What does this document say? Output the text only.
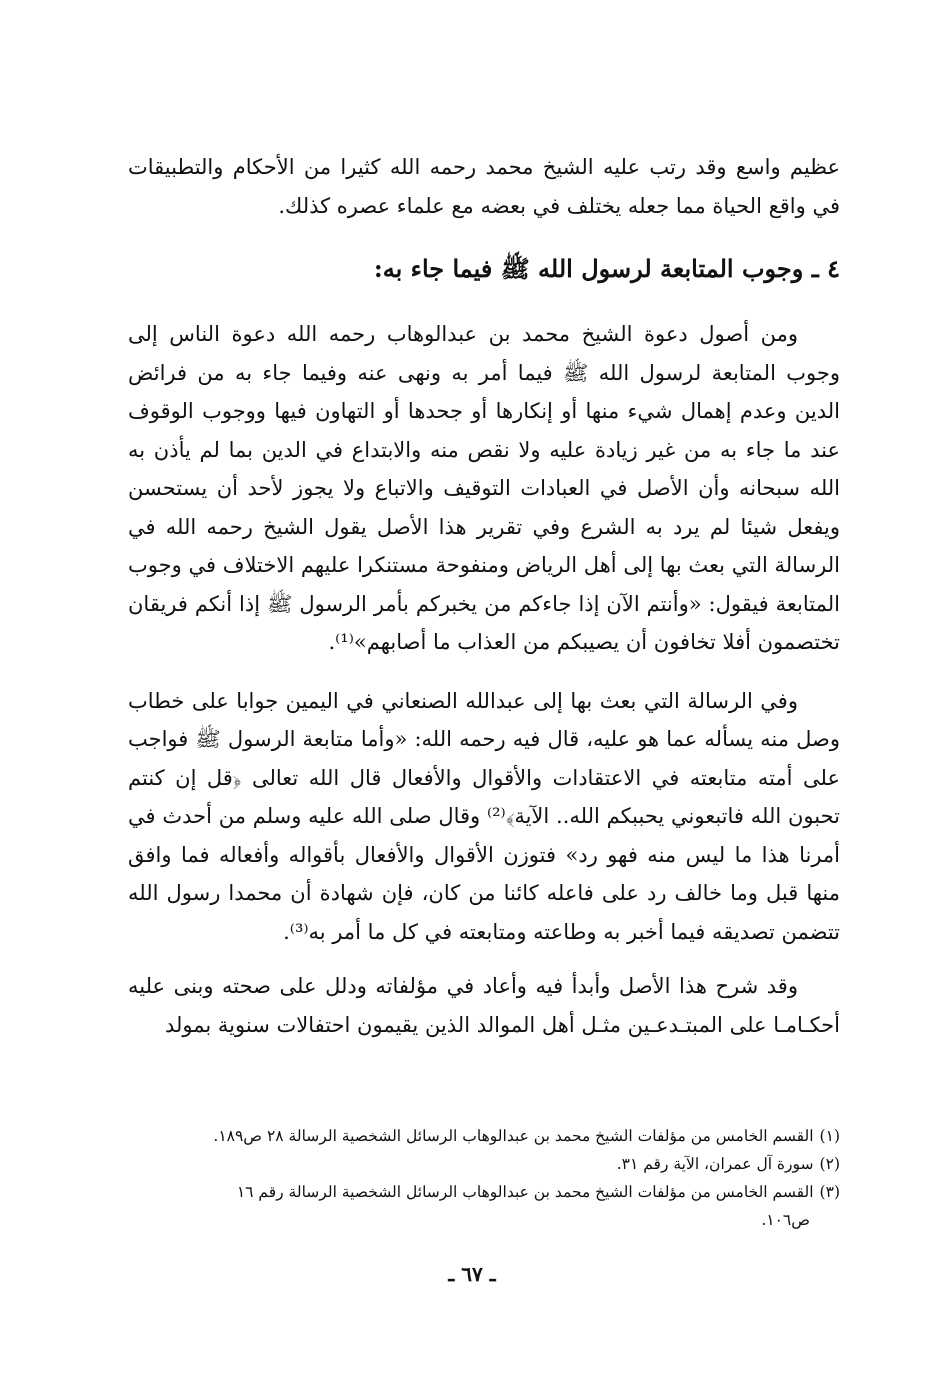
عظيم واسع وقد رتب عليه الشيخ محمد رحمه الله كثيرا من الأحكام والتطبيقات في واقع الحياة مما جعله يختلف في بعضه مع علماء عصره كذلك.

٤ ـ وجوب المتابعة لرسول الله ﷺ فيما جاء به:

ومن أصول دعوة الشيخ محمد بن عبدالوهاب رحمه الله دعوة الناس إلى وجوب المتابعة لرسول الله ﷺ فيما أمر به ونهى عنه وفيما جاء به من فرائض الدين وعدم إهمال شيء منها أو إنكارها أو جحدها أو التهاون فيها ووجوب الوقوف عند ما جاء به من غير زيادة عليه ولا نقص منه والابتداع في الدين بما لم يأذن به الله سبحانه وأن الأصل في العبادات التوقيف والاتباع ولا يجوز لأحد أن يستحسن ويفعل شيئا لم يرد به الشرع وفي تقرير هذا الأصل يقول الشيخ رحمه الله في الرسالة التي بعث بها إلى أهل الرياض ومنفوحة مستنكرا عليهم الاختلاف في وجوب المتابعة فيقول: «وأنتم الآن إذا جاءكم من يخبركم بأمر الرسول ﷺ إذا أنكم فريقان تختصمون أفلا تخافون أن يصيبكم من العذاب ما أصابهم»⁽¹⁾.

وفي الرسالة التي بعث بها إلى عبدالله الصنعاني في اليمين جوابا على خطاب وصل منه يسأله عما هو عليه، قال فيه رحمه الله: «وأما متابعة الرسول ﷺ فواجب على أمته متابعته في الاعتقادات والأقوال والأفعال قال الله تعالى ﴿قل إن كنتم تحبون الله فاتبعوني يحببكم الله.. الآية﴾⁽²⁾ وقال صلى الله عليه وسلم من أحدث في أمرنا هذا ما ليس منه فهو رد» فتوزن الأقوال والأفعال بأقواله وأفعاله فما وافق منها قبل وما خالف رد على فاعله كائنا من كان، فإن شهادة أن محمدا رسول الله تتضمن تصديقه فيما أخبر به وطاعته ومتابعته في كل ما أمر به⁽³⁾.

وقد شرح هذا الأصل وأبدأ فيه وأعاد في مؤلفاته ودلل على صحته وبنى عليه أحكـامـا على المبتـدعـين مثـل أهل الموالد الذين يقيمون احتفالات سنوية بمولد

(١)القسم الخامس من مؤلفات الشيخ محمد بن عبدالوهاب الرسائل الشخصية الرسالة ٢٨ ص١٨٩.

(٢)سورة آل عمران، الآية رقم ٣١.

(٣)القسم الخامس من مؤلفات الشيخ محمد بن عبدالوهاب الرسائل الشخصية الرسالة رقم ١٦

ص١٠٦.

ـ ٦٧ ـ
